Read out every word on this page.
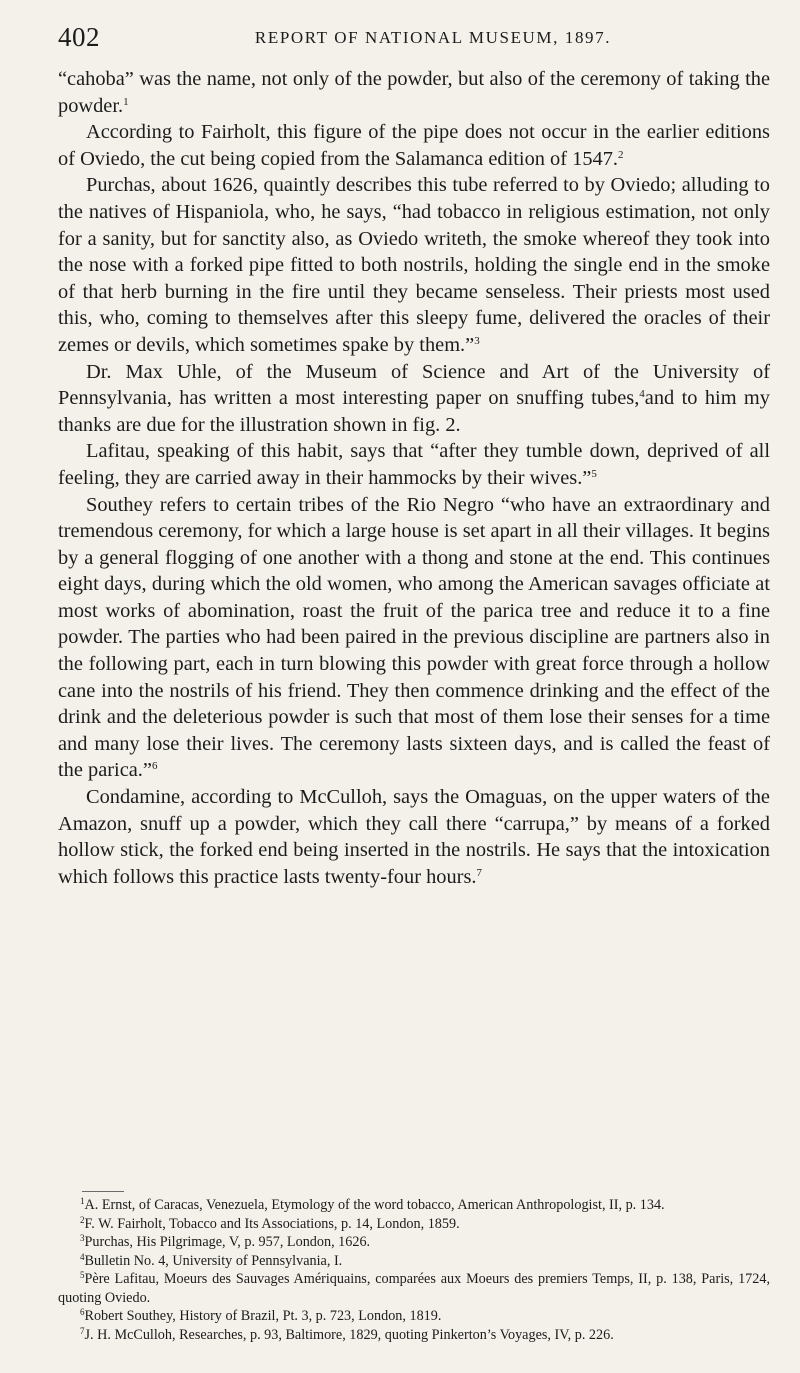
402	REPORT OF NATIONAL MUSEUM, 1897.

“cahoba” was the name, not only of the powder, but also of the ceremony of taking the powder.$^1$

According to Fairholt, this figure of the pipe does not occur in the earlier editions of Oviedo, the cut being copied from the Salamanca edition of 1547.$^2$

Purchas, about 1626, quaintly describes this tube referred to by Oviedo; alluding to the natives of Hispaniola, who, he says, “had tobacco in religious estimation, not only for a sanity, but for sanctity also, as Oviedo writeth, the smoke whereof they took into the nose with a forked pipe fitted to both nostrils, holding the single end in the smoke of that herb burning in the fire until they became senseless. Their priests most used this, who, coming to themselves after this sleepy fume, delivered the oracles of their zemes or devils, which sometimes spake by them.”$^3$

Dr. Max Uhle, of the Museum of Science and Art of the University of Pennsylvania, has written a most interesting paper on snuffing tubes,$^4$and to him my thanks are due for the illustration shown in fig. 2.

Lafitau, speaking of this habit, says that “after they tumble down, deprived of all feeling, they are carried away in their hammocks by their wives.”$^5$

Southey refers to certain tribes of the Rio Negro “who have an extraordinary and tremendous ceremony, for which a large house is set apart in all their villages. It begins by a general flogging of one another with a thong and stone at the end. This continues eight days, during which the old women, who among the American savages officiate at most works of abomination, roast the fruit of the parica tree and reduce it to a fine powder. The parties who had been paired in the previous discipline are partners also in the following part, each in turn blowing this powder with great force through a hollow cane into the nostrils of his friend. They then commence drinking and the effect of the drink and the deleterious powder is such that most of them lose their senses for a time and many lose their lives. The ceremony lasts sixteen days, and is called the feast of the parica.”$^6$

Condamine, according to McCulloh, says the Omaguas, on the upper waters of the Amazon, snuff up a powder, which they call there “carrupa,” by means of a forked hollow stick, the forked end being inserted in the nostrils. He says that the intoxication which follows this practice lasts twenty-four hours.$^7$

$^1$A. Ernst, of Caracas, Venezuela, Etymology of the word tobacco, American Anthropologist, II, p. 134.

$^2$F. W. Fairholt, Tobacco and Its Associations, p. 14, London, 1859.

$^3$Purchas, His Pilgrimage, V, p. 957, London, 1626.

$^4$Bulletin No. 4, University of Pennsylvania, I.

$^5$Père Lafitau, Moeurs des Sauvages Amériquains, comparées aux Moeurs des premiers Temps, II, p. 138, Paris, 1724, quoting Oviedo.

$^6$Robert Southey, History of Brazil, Pt. 3, p. 723, London, 1819.

$^7$J. H. McCulloh, Researches, p. 93, Baltimore, 1829, quoting Pinkerton’s Voyages, IV, p. 226.
